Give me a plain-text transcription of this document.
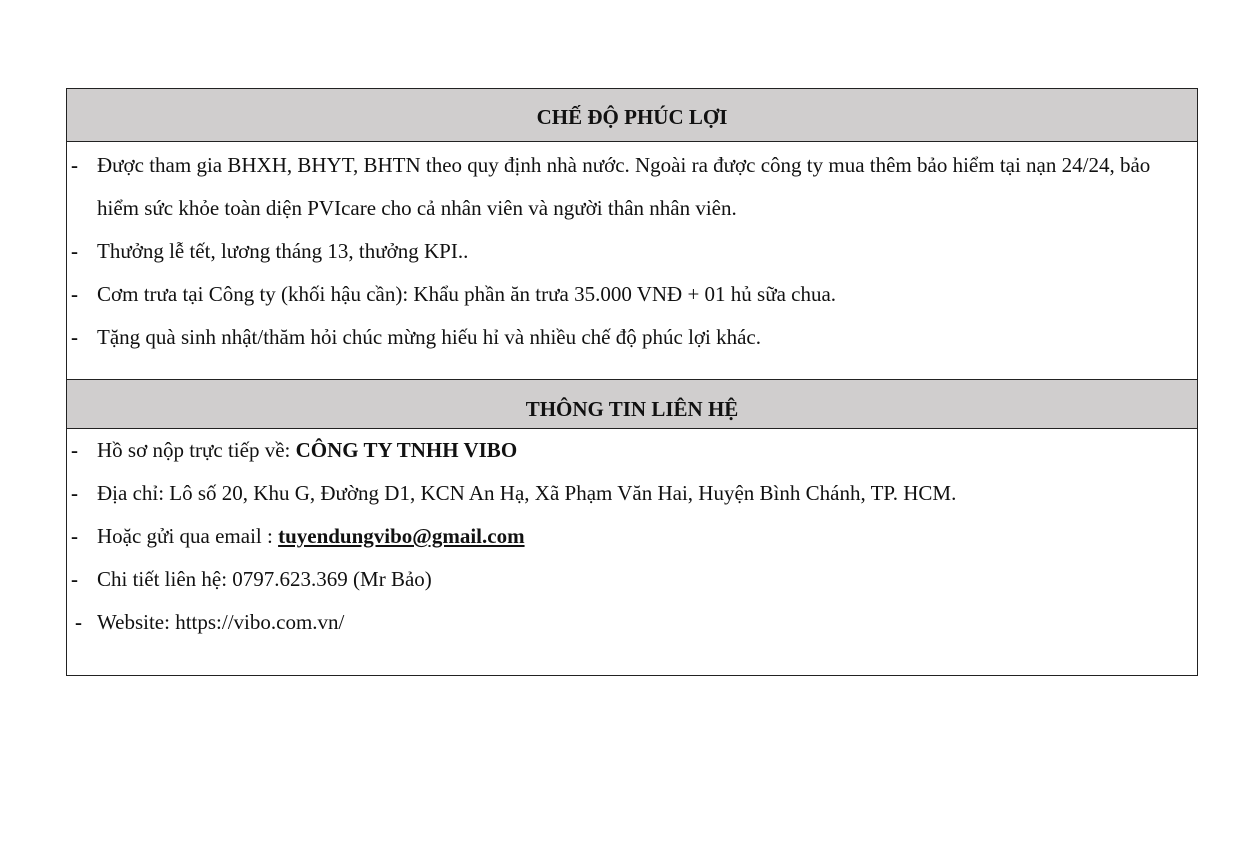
CHẾ ĐỘ PHÚC LỢI
- Được tham gia BHXH, BHYT, BHTN theo quy định nhà nước. Ngoài ra được công ty mua thêm bảo hiểm tại nạn 24/24, bảo hiểm sức khỏe toàn diện PVIcare cho cả nhân viên và người thân nhân viên.
- Thưởng lễ tết, lương tháng 13, thưởng KPI..
- Cơm trưa tại Công ty (khối hậu cần): Khẩu phần ăn trưa 35.000 VNĐ + 01 hủ sữa chua.
- Tặng quà sinh nhật/thăm hỏi chúc mừng hiếu hỉ và nhiều chế độ phúc lợi khác.
THÔNG TIN LIÊN HỆ
- Hồ sơ nộp trực tiếp về: CÔNG TY TNHH VIBO
- Địa chỉ: Lô số 20, Khu G, Đường D1, KCN An Hạ, Xã Phạm Văn Hai, Huyện Bình Chánh, TP. HCM.
- Hoặc gửi qua email : tuyendungvibo@gmail.com
- Chi tiết liên hệ: 0797.623.369 (Mr Bảo)
- Website: https://vibo.com.vn/
